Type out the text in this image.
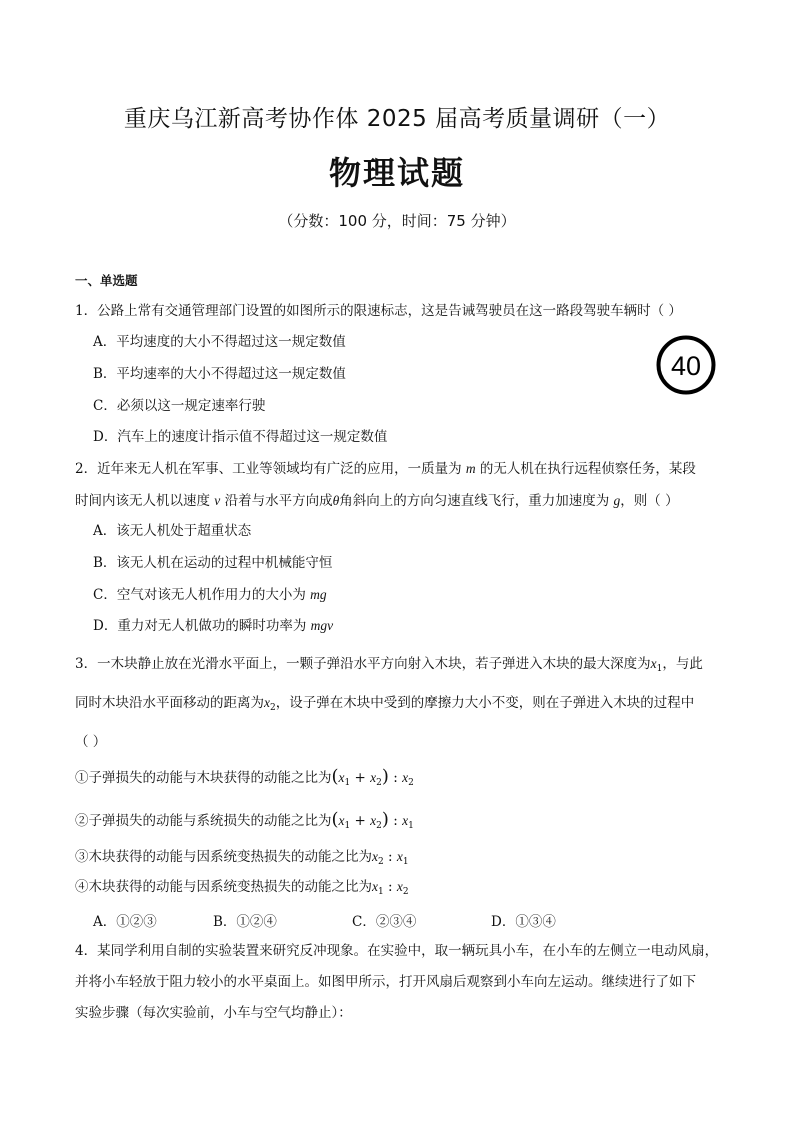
重庆乌江新高考协作体 2025 届高考质量调研（一）
物理试题
（分数：100 分，时间：75 分钟）
一、单选题
1．公路上常有交通管理部门设置的如图所示的限速标志，这是告诫驾驶员在这一路段驾驶车辆时（ ）
A．平均速度的大小不得超过这一规定数值
B．平均速率的大小不得超过这一规定数值
C．必须以这一规定速率行驶
D．汽车上的速度计指示值不得超过这一规定数值
40
2．近年来无人机在军事、工业等领域均有广泛的应用，一质量为 m 的无人机在执行远程侦察任务，某段
时间内该无人机以速度 v 沿着与水平方向成θ角斜向上的方向匀速直线飞行，重力加速度为 g，则（ ）
A．该无人机处于超重状态
B．该无人机在运动的过程中机械能守恒
C．空气对该无人机作用力的大小为 mg
D．重力对无人机做功的瞬时功率为 mgv
3．一木块静止放在光滑水平面上，一颗子弹沿水平方向射入木块，若子弹进入木块的最大深度为$x_1$，与此
同时木块沿水平面移动的距离为$x_2$，设子弹在木块中受到的摩擦力大小不变，则在子弹进入木块的过程中
（ ）
①子弹损失的动能与木块获得的动能之比为$(x_1 + x_2)$ : $x_2$
②子弹损失的动能与系统损失的动能之比为$(x_1 + x_2)$ : $x_1$
③木块获得的动能与因系统变热损失的动能之比为$x_2$ : $x_1$
④木块获得的动能与因系统变热损失的动能之比为$x_1$ : $x_2$
A．①②③	B．①②④	C．②③④	D．①③④
4．某同学利用自制的实验装置来研究反冲现象。在实验中，取一辆玩具小车，在小车的左侧立一电动风扇，
并将小车轻放于阻力较小的水平桌面上。如图甲所示，打开风扇后观察到小车向左运动。继续进行了如下
实验步骤（每次实验前，小车与空气均静止）：
